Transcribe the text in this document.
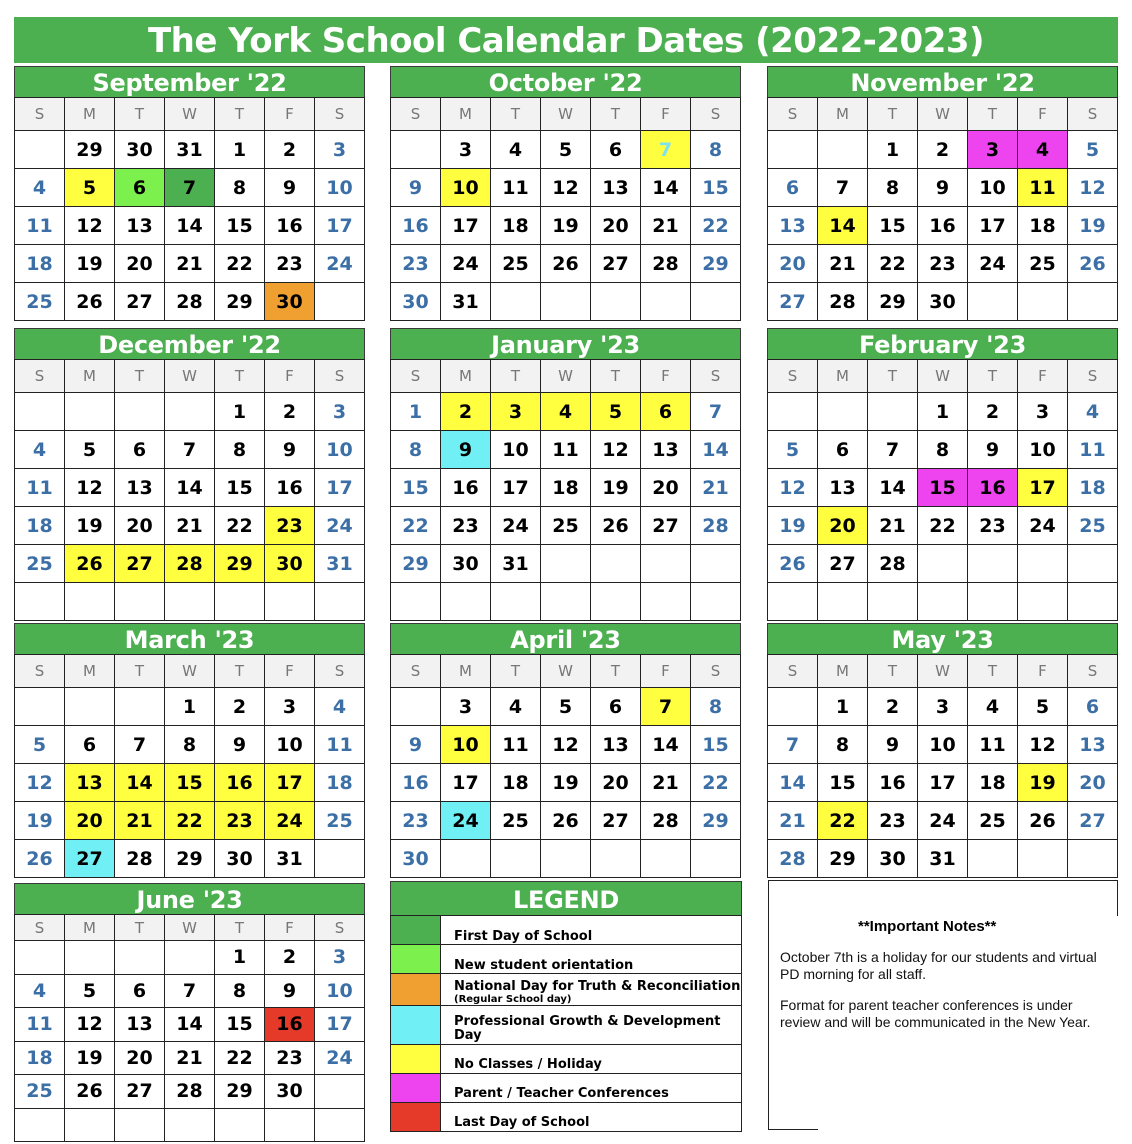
The York School Calendar Dates (2022-2023)
September '22
S	M	T	W	T	F	S
	29	30	31	1	2	3
4	5	6	7	8	9	10
11	12	13	14	15	16	17
18	19	20	21	22	23	24
25	26	27	28	29	30	
October '22
S	M	T	W	T	F	S
	3	4	5	6	7	8
9	10	11	12	13	14	15
16	17	18	19	20	21	22
23	24	25	26	27	28	29
30	31					
November '22
S	M	T	W	T	F	S
		1	2	3	4	5
6	7	8	9	10	11	12
13	14	15	16	17	18	19
20	21	22	23	24	25	26
27	28	29	30			
December '22
S	M	T	W	T	F	S
				1	2	3
4	5	6	7	8	9	10
11	12	13	14	15	16	17
18	19	20	21	22	23	24
25	26	27	28	29	30	31

January '23
S	M	T	W	T	F	S
1	2	3	4	5	6	7
8	9	10	11	12	13	14
15	16	17	18	19	20	21
22	23	24	25	26	27	28
29	30	31				

February '23
S	M	T	W	T	F	S
			1	2	3	4
5	6	7	8	9	10	11
12	13	14	15	16	17	18
19	20	21	22	23	24	25
26	27	28				

March '23
S	M	T	W	T	F	S
			1	2	3	4
5	6	7	8	9	10	11
12	13	14	15	16	17	18
19	20	21	22	23	24	25
26	27	28	29	30	31	
April '23
S	M	T	W	T	F	S
	3	4	5	6	7	8
9	10	11	12	13	14	15
16	17	18	19	20	21	22
23	24	25	26	27	28	29
30						
May '23
S	M	T	W	T	F	S
	1	2	3	4	5	6
7	8	9	10	11	12	13
14	15	16	17	18	19	20
21	22	23	24	25	26	27
28	29	30	31			
June '23
S	M	T	W	T	F	S
				1	2	3
4	5	6	7	8	9	10
11	12	13	14	15	16	17
18	19	20	21	22	23	24
25	26	27	28	29	30	

LEGEND
	First Day of School
	New student orientation
	National Day for Truth & Reconciliation
(Regular School day)

	Professional Growth & Development Day
	No Classes / Holiday
	Parent / Teacher Conferences
	Last Day of School
**Important Notes**

October 7th is a holiday for our students and virtual PD morning for all staff.

Format for parent teacher conferences is under review and will be communicated in the New Year.
